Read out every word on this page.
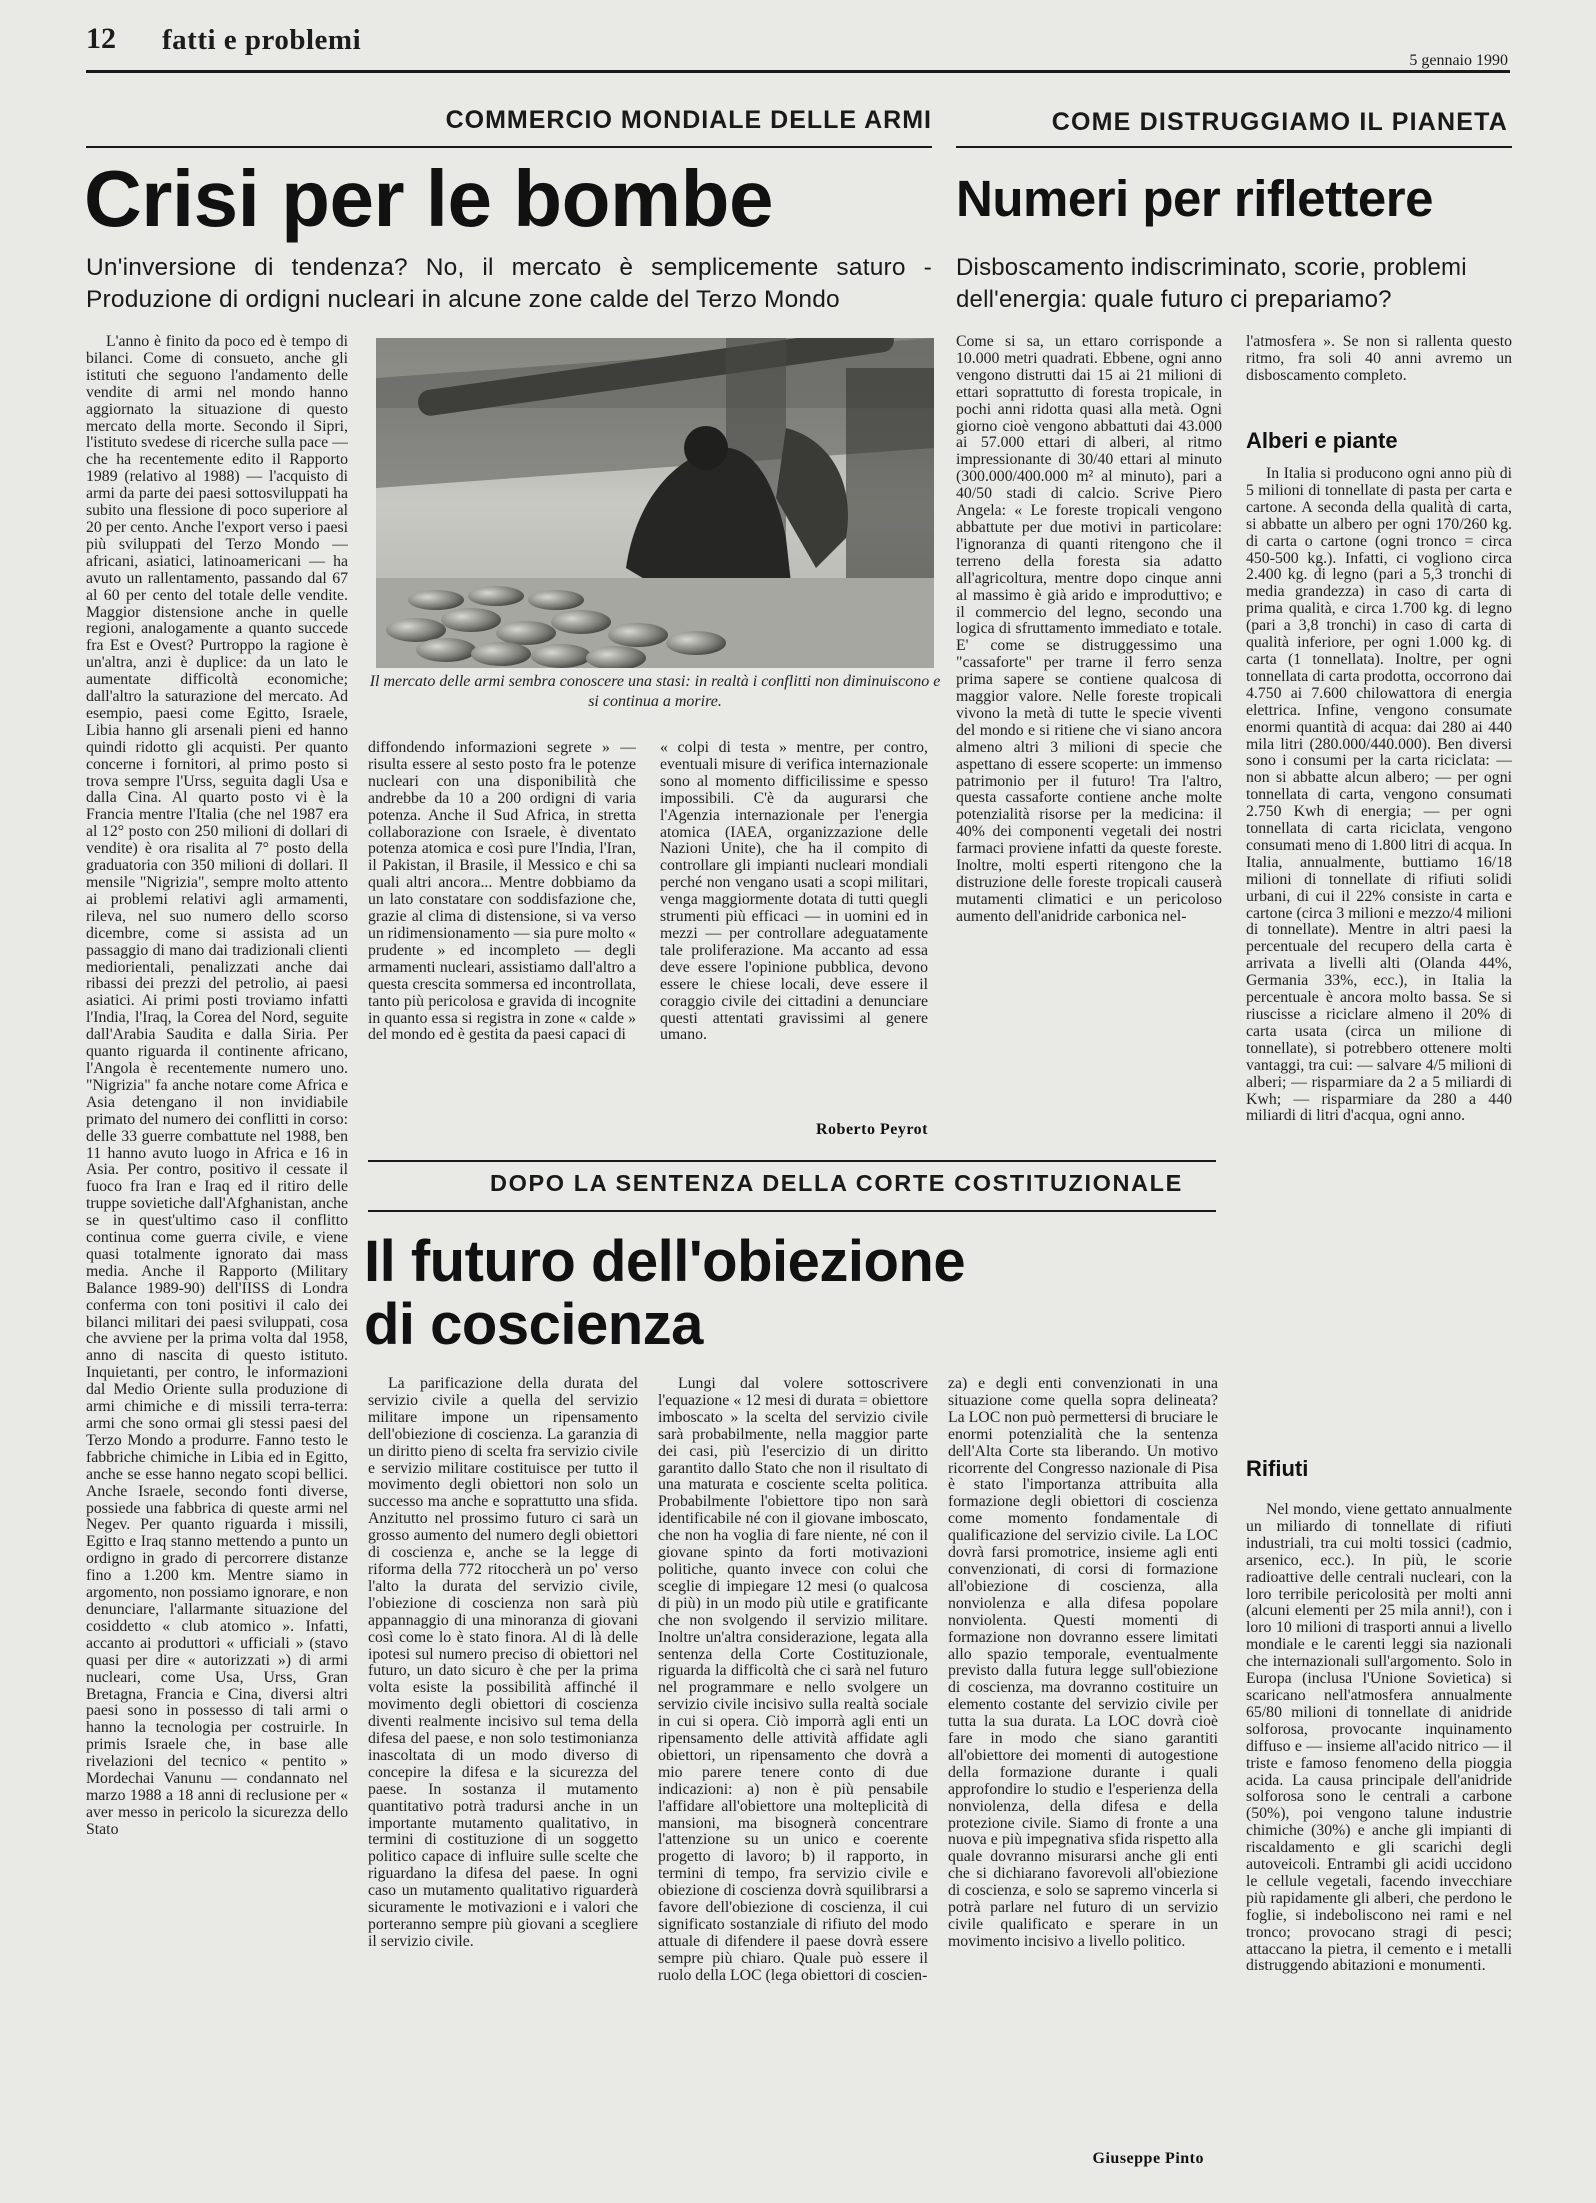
12 fatti e problemi
5 gennaio 1990
COMMERCIO MONDIALE DELLE ARMI
Crisi per le bombe
Un'inversione di tendenza? No, il mercato è semplicemente saturo - Produzione di ordigni nucleari in alcune zone calde del Terzo Mondo

L'anno è finito da poco ed è tempo di bilanci. Come di consueto, anche gli istituti che seguono l'andamento delle vendite di armi nel mondo hanno aggiornato la situazione di questo mercato della morte. Secondo il Sipri, l'istituto svedese di ricerche sulla pace — che ha recentemente edito il Rapporto 1989 (relativo al 1988) — l'acquisto di armi da parte dei paesi sottosviluppati ha subito una flessione di poco superiore al 20 per cento. Anche l'export verso i paesi più sviluppati del Terzo Mondo — africani, asiatici, latinoamericani — ha avuto un rallentamento, passando dal 67 al 60 per cento del totale delle vendite. Maggior distensione anche in quelle regioni, analogamente a quanto succede fra Est e Ovest? Purtroppo la ragione è un'altra, anzi è duplice: da un lato le aumentate difficoltà economiche; dall'altro la saturazione del mercato. Ad esempio, paesi come Egitto, Israele, Libia hanno gli arsenali pieni ed hanno quindi ridotto gli acquisti. Per quanto concerne i fornitori, al primo posto si trova sempre l'Urss, seguita dagli Usa e dalla Cina. Al quarto posto vi è la Francia mentre l'Italia (che nel 1987 era al 12° posto con 250 milioni di dollari di vendite) è ora risalita al 7° posto della graduatoria con 350 milioni di dollari. Il mensile "Nigrizia", sempre molto attento ai problemi relativi agli armamenti, rileva, nel suo numero dello scorso dicembre, come si assista ad un passaggio di mano dai tradizionali clienti mediorientali, penalizzati anche dai ribassi dei prezzi del petrolio, ai paesi asiatici. Ai primi posti troviamo infatti l'India, l'Iraq, la Corea del Nord, seguite dall'Arabia Saudita e dalla Siria. Per quanto riguarda il continente africano, l'Angola è recentemente numero uno. "Nigrizia" fa anche notare come Africa e Asia detengano il non invidiabile primato del numero dei conflitti in corso: delle 33 guerre combattute nel 1988, ben 11 hanno avuto luogo in Africa e 16 in Asia. Per contro, positivo il cessate il fuoco fra Iran e Iraq ed il ritiro delle truppe sovietiche dall'Afghanistan, anche se in quest'ultimo caso il conflitto continua come guerra civile, e viene quasi totalmente ignorato dai mass media. Anche il Rapporto (Military Balance 1989-90) dell'IISS di Londra conferma con toni positivi il calo dei bilanci militari dei paesi sviluppati, cosa che avviene per la prima volta dal 1958, anno di nascita di questo istituto. Inquietanti, per contro, le informazioni dal Medio Oriente sulla produzione di armi chimiche e di missili terra-terra: armi che sono ormai gli stessi paesi del Terzo Mondo a produrre. Fanno testo le fabbriche chimiche in Libia ed in Egitto, anche se esse hanno negato scopi bellici. Anche Israele, secondo fonti diverse, possiede una fabbrica di queste armi nel Negev. Per quanto riguarda i missili, Egitto e Iraq stanno mettendo a punto un ordigno in grado di percorrere distanze fino a 1.200 km. Mentre siamo in argomento, non possiamo ignorare, e non denunciare, l'allarmante situazione del cosiddetto « club atomico ». Infatti, accanto ai produttori « ufficiali » (stavo quasi per dire « autorizzati ») di armi nucleari, come Usa, Urss, Gran Bretagna, Francia e Cina, diversi altri paesi sono in possesso di tali armi o hanno la tecnologia per costruirle. In primis Israele che, in base alle rivelazioni del tecnico « pentito » Mordechai Vanunu — condannato nel marzo 1988 a 18 anni di reclusione per « aver messo in pericolo la sicurezza dello Stato

Il mercato delle armi sembra conoscere una stasi: in realtà i conflitti non diminuiscono e si continua a morire.

diffondendo informazioni segrete » — risulta essere al sesto posto fra le potenze nucleari con una disponibilità che andrebbe da 10 a 200 ordigni di varia potenza. Anche il Sud Africa, in stretta collaborazione con Israele, è diventato potenza atomica e così pure l'India, l'Iran, il Pakistan, il Brasile, il Messico e chi sa quali altri ancora... Mentre dobbiamo da un lato constatare con soddisfazione che, grazie al clima di distensione, si va verso un ridimensionamento — sia pure molto « prudente » ed incompleto — degli armamenti nucleari, assistiamo dall'altro a questa crescita sommersa ed incontrollata, tanto più pericolosa e gravida di incognite in quanto essa si registra in zone « calde » del mondo ed è gestita da paesi capaci di

« colpi di testa » mentre, per contro, eventuali misure di verifica internazionale sono al momento difficilissime e spesso impossibili. C'è da augurarsi che l'Agenzia internazionale per l'energia atomica (IAEA, organizzazione delle Nazioni Unite), che ha il compito di controllare gli impianti nucleari mondiali perché non vengano usati a scopi militari, venga maggiormente dotata di tutti quegli strumenti più efficaci — in uomini ed in mezzi — per controllare adeguatamente tale proliferazione. Ma accanto ad essa deve essere l'opinione pubblica, devono essere le chiese locali, deve essere il coraggio civile dei cittadini a denunciare questi attentati gravissimi al genere umano.

Roberto Peyrot
COME DISTRUGGIAMO IL PIANETA
Numeri per riflettere
Disboscamento indiscriminato, scorie, problemi dell'energia: quale futuro ci prepariamo?

Come si sa, un ettaro corrisponde a 10.000 metri quadrati. Ebbene, ogni anno vengono distrutti dai 15 ai 21 milioni di ettari soprattutto di foresta tropicale, in pochi anni ridotta quasi alla metà. Ogni giorno cioè vengono abbattuti dai 43.000 ai 57.000 ettari di alberi, al ritmo impressionante di 30/40 ettari al minuto (300.000/400.000 m² al minuto), pari a 40/50 stadi di calcio. Scrive Piero Angela: « Le foreste tropicali vengono abbattute per due motivi in particolare: l'ignoranza di quanti ritengono che il terreno della foresta sia adatto all'agricoltura, mentre dopo cinque anni al massimo è già arido e improduttivo; e il commercio del legno, secondo una logica di sfruttamento immediato e totale. E' come se distruggessimo una "cassaforte" per trarne il ferro senza prima sapere se contiene qualcosa di maggior valore. Nelle foreste tropicali vivono la metà di tutte le specie viventi del mondo e si ritiene che vi siano ancora almeno altri 3 milioni di specie che aspettano di essere scoperte: un immenso patrimonio per il futuro! Tra l'altro, questa cassaforte contiene anche molte potenzialità risorse per la medicina: il 40% dei componenti vegetali dei nostri farmaci proviene infatti da queste foreste. Inoltre, molti esperti ritengono che la distruzione delle foreste tropicali causerà mutamenti climatici e un pericoloso aumento dell'anidride carbonica nel-

l'atmosfera ». Se non si rallenta questo ritmo, fra soli 40 anni avremo un disboscamento completo.

Alberi e piante

In Italia si producono ogni anno più di 5 milioni di tonnellate di pasta per carta e cartone. A seconda della qualità di carta, si abbatte un albero per ogni 170/260 kg. di carta o cartone (ogni tronco = circa 450-500 kg.). Infatti, ci vogliono circa 2.400 kg. di legno (pari a 5,3 tronchi di media grandezza) in caso di carta di prima qualità, e circa 1.700 kg. di legno (pari a 3,8 tronchi) in caso di carta di qualità inferiore, per ogni 1.000 kg. di carta (1 tonnellata). Inoltre, per ogni tonnellata di carta prodotta, occorrono dai 4.750 ai 7.600 chilowattora di energia elettrica. Infine, vengono consumate enormi quantità di acqua: dai 280 ai 440 mila litri (280.000/440.000). Ben diversi sono i consumi per la carta riciclata: — non si abbatte alcun albero; — per ogni tonnellata di carta, vengono consumati 2.750 Kwh di energia; — per ogni tonnellata di carta riciclata, vengono consumati meno di 1.800 litri di acqua. In Italia, annualmente, buttiamo 16/18 milioni di tonnellate di rifiuti solidi urbani, di cui il 22% consiste in carta e cartone (circa 3 milioni e mezzo/4 milioni di tonnellate). Mentre in altri paesi la percentuale del recupero della carta è arrivata a livelli alti (Olanda 44%, Germania 33%, ecc.), in Italia la percentuale è ancora molto bassa. Se si riuscisse a riciclare almeno il 20% di carta usata (circa un milione di tonnellate), si potrebbero ottenere molti vantaggi, tra cui: — salvare 4/5 milioni di alberi; — risparmiare da 2 a 5 miliardi di Kwh; — risparmiare da 280 a 440 miliardi di litri d'acqua, ogni anno.

Rifiuti

Nel mondo, viene gettato annualmente un miliardo di tonnellate di rifiuti industriali, tra cui molti tossici (cadmio, arsenico, ecc.). In più, le scorie radioattive delle centrali nucleari, con la loro terribile pericolosità per molti anni (alcuni elementi per 25 mila anni!), con i loro 10 milioni di trasporti annui a livello mondiale e le carenti leggi sia nazionali che internazionali sull'argomento. Solo in Europa (inclusa l'Unione Sovietica) si scaricano nell'atmosfera annualmente 65/80 milioni di tonnellate di anidride solforosa, provocante inquinamento diffuso e — insieme all'acido nitrico — il triste e famoso fenomeno della pioggia acida. La causa principale dell'anidride solforosa sono le centrali a carbone (50%), poi vengono talune industrie chimiche (30%) e anche gli impianti di riscaldamento e gli scarichi degli autoveicoli. Entrambi gli acidi uccidono le cellule vegetali, facendo invecchiare più rapidamente gli alberi, che perdono le foglie, si indeboliscono nei rami e nel tronco; provocano stragi di pesci; attaccano la pietra, il cemento e i metalli distruggendo abitazioni e monumenti.

DOPO LA SENTENZA DELLA CORTE COSTITUZIONALE
Il futuro dell'obiezione
di coscienza

La parificazione della durata del servizio civile a quella del servizio militare impone un ripensamento dell'obiezione di coscienza. La garanzia di un diritto pieno di scelta fra servizio civile e servizio militare costituisce per tutto il movimento degli obiettori non solo un successo ma anche e soprattutto una sfida. Anzitutto nel prossimo futuro ci sarà un grosso aumento del numero degli obiettori di coscienza e, anche se la legge di riforma della 772 ritoccherà un po' verso l'alto la durata del servizio civile, l'obiezione di coscienza non sarà più appannaggio di una minoranza di giovani così come lo è stato finora. Al di là delle ipotesi sul numero preciso di obiettori nel futuro, un dato sicuro è che per la prima volta esiste la possibilità affinché il movimento degli obiettori di coscienza diventi realmente incisivo sul tema della difesa del paese, e non solo testimonianza inascoltata di un modo diverso di concepire la difesa e la sicurezza del paese. In sostanza il mutamento quantitativo potrà tradursi anche in un importante mutamento qualitativo, in termini di costituzione di un soggetto politico capace di influire sulle scelte che riguardano la difesa del paese. In ogni caso un mutamento qualitativo riguarderà sicuramente le motivazioni e i valori che porteranno sempre più giovani a scegliere il servizio civile.

Lungi dal volere sottoscrivere l'equazione « 12 mesi di durata = obiettore imboscato » la scelta del servizio civile sarà probabilmente, nella maggior parte dei casi, più l'esercizio di un diritto garantito dallo Stato che non il risultato di una maturata e cosciente scelta politica. Probabilmente l'obiettore tipo non sarà identificabile né con il giovane imboscato, che non ha voglia di fare niente, né con il giovane spinto da forti motivazioni politiche, quanto invece con colui che sceglie di impiegare 12 mesi (o qualcosa di più) in un modo più utile e gratificante che non svolgendo il servizio militare. Inoltre un'altra considerazione, legata alla sentenza della Corte Costituzionale, riguarda la difficoltà che ci sarà nel futuro nel programmare e nello svolgere un servizio civile incisivo sulla realtà sociale in cui si opera. Ciò imporrà agli enti un ripensamento delle attività affidate agli obiettori, un ripensamento che dovrà a mio parere tenere conto di due indicazioni: a) non è più pensabile l'affidare all'obiettore una molteplicità di mansioni, ma bisognerà concentrare l'attenzione su un unico e coerente progetto di lavoro; b) il rapporto, in termini di tempo, fra servizio civile e obiezione di coscienza dovrà squilibrarsi a favore dell'obiezione di coscienza, il cui significato sostanziale di rifiuto del modo attuale di difendere il paese dovrà essere sempre più chiaro. Quale può essere il ruolo della LOC (lega obiettori di coscien-

za) e degli enti convenzionati in una situazione come quella sopra delineata? La LOC non può permettersi di bruciare le enormi potenzialità che la sentenza dell'Alta Corte sta liberando. Un motivo ricorrente del Congresso nazionale di Pisa è stato l'importanza attribuita alla formazione degli obiettori di coscienza come momento fondamentale di qualificazione del servizio civile. La LOC dovrà farsi promotrice, insieme agli enti convenzionati, di corsi di formazione all'obiezione di coscienza, alla nonviolenza e alla difesa popolare nonviolenta. Questi momenti di formazione non dovranno essere limitati allo spazio temporale, eventualmente previsto dalla futura legge sull'obiezione di coscienza, ma dovranno costituire un elemento costante del servizio civile per tutta la sua durata. La LOC dovrà cioè fare in modo che siano garantiti all'obiettore dei momenti di autogestione della formazione durante i quali approfondire lo studio e l'esperienza della nonviolenza, della difesa e della protezione civile. Siamo di fronte a una nuova e più impegnativa sfida rispetto alla quale dovranno misurarsi anche gli enti che si dichiarano favorevoli all'obiezione di coscienza, e solo se sapremo vincerla si potrà parlare nel futuro di un servizio civile qualificato e sperare in un movimento incisivo a livello politico.

Giuseppe Pinto
